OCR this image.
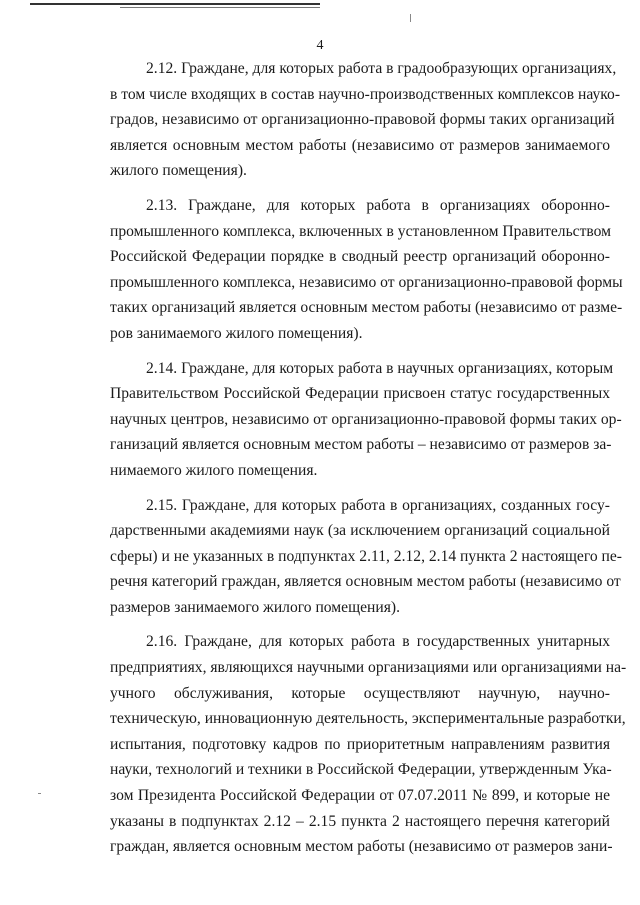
4
2.12. Граждане, для которых работа в градообразующих организациях,
в том числе входящих в состав научно-производственных комплексов науко-
градов, независимо от организационно-правовой формы таких организаций
является основным местом работы (независимо от размеров занимаемого
жилого помещения).
2.13. Граждане, для которых работа в организациях оборонно-
промышленного комплекса, включенных в установленном Правительством
Российской Федерации порядке в сводный реестр организаций оборонно-
промышленного комплекса, независимо от организационно-правовой формы
таких организаций является основным местом работы (независимо от разме-
ров занимаемого жилого помещения).
2.14. Граждане, для которых работа в научных организациях, которым
Правительством Российской Федерации присвоен статус государственных
научных центров, независимо от организационно-правовой формы таких ор-
ганизаций является основным местом работы – независимо от размеров за-
нимаемого жилого помещения.
2.15. Граждане, для которых работа в организациях, созданных госу-
дарственными академиями наук (за исключением организаций социальной
сферы) и не указанных в подпунктах 2.11, 2.12, 2.14 пункта 2 настоящего пе-
речня категорий граждан, является основным местом работы (независимо от
размеров занимаемого жилого помещения).
2.16. Граждане, для которых работа в государственных унитарных
предприятиях, являющихся научными организациями или организациями на-
учного обслуживания, которые осуществляют научную, научно-
техническую, инновационную деятельность, экспериментальные разработки,
испытания, подготовку кадров по приоритетным направлениям развития
науки, технологий и техники в Российской Федерации, утвержденным Ука-
зом Президента Российской Федерации от 07.07.2011 № 899, и которые не
указаны в подпунктах 2.12 – 2.15 пункта 2 настоящего перечня категорий
граждан, является основным местом работы (независимо от размеров зани-
